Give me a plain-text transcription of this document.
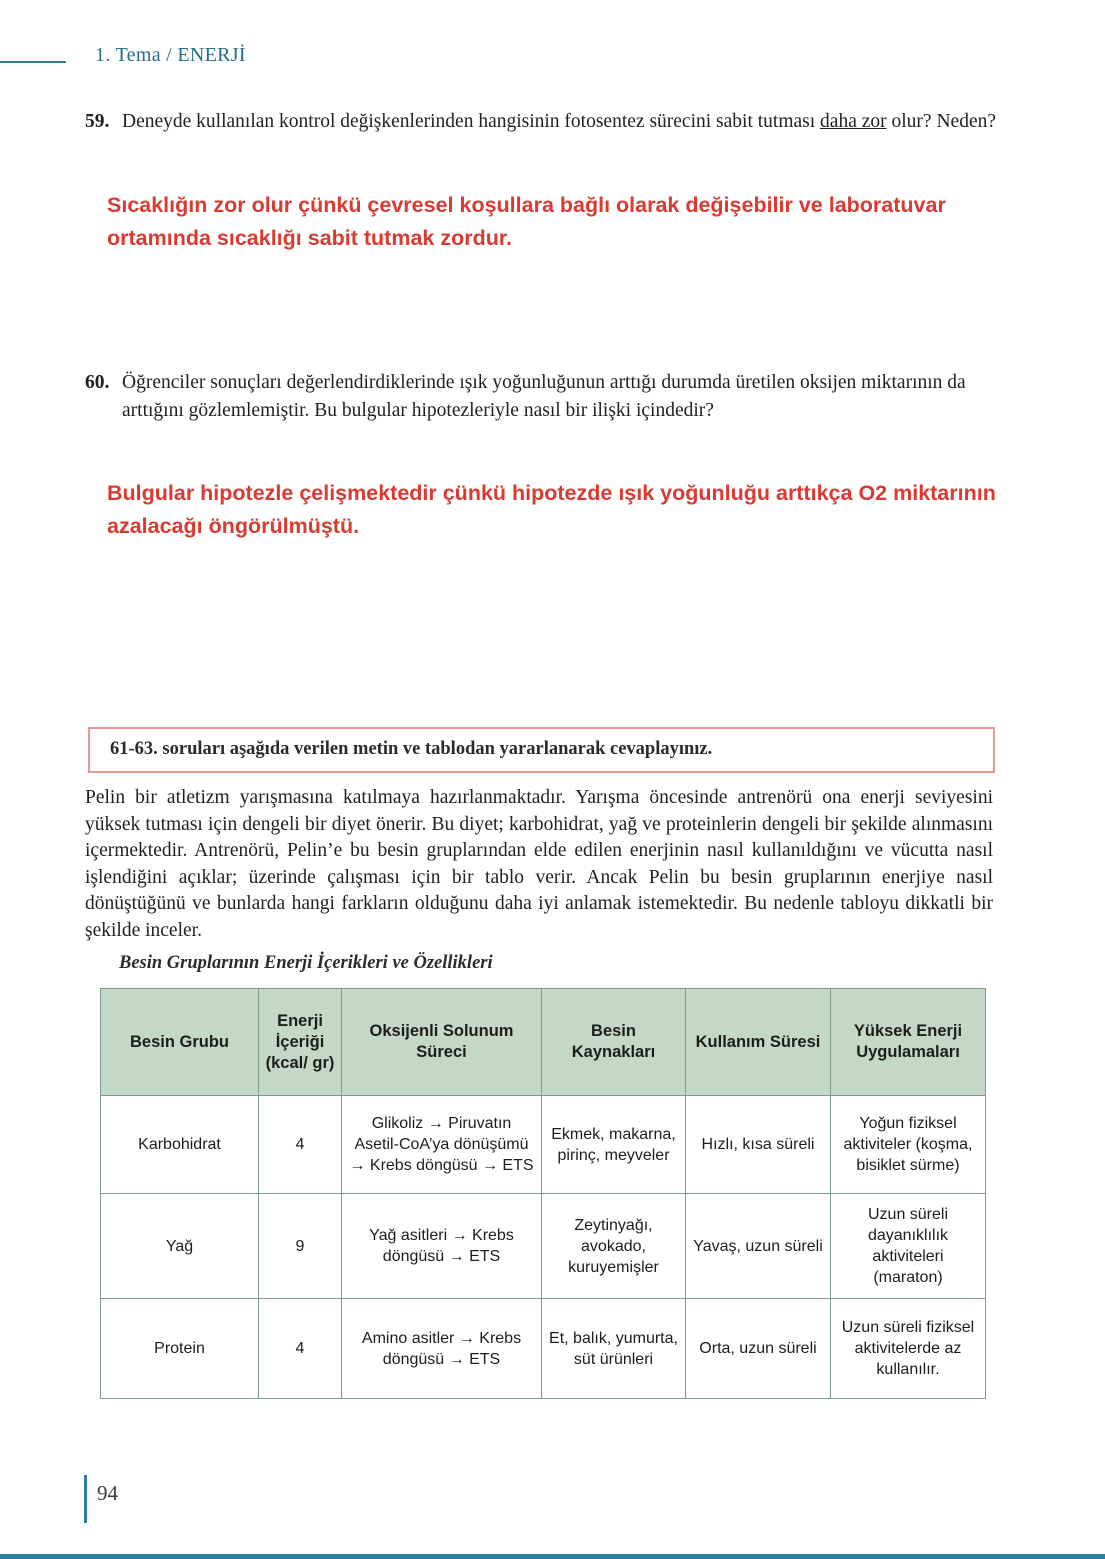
1. Tema / ENERJİ
59. Deneyde kullanılan kontrol değişkenlerinden hangisinin fotosentez sürecini sabit tutması daha zor olur? Neden?
Sıcaklığın zor olur çünkü çevresel koşullara bağlı olarak değişebilir ve laboratuvar ortamında sıcaklığı sabit tutmak zordur.
60. Öğrenciler sonuçları değerlendirdiklerinde ışık yoğunluğunun arttığı durumda üretilen oksijen miktarının da arttığını gözlemlemiştir. Bu bulgular hipotezleriyle nasıl bir ilişki içindedir?
Bulgular hipotezle çelişmektedir çünkü hipotezde ışık yoğunluğu arttıkça O2 miktarının azalacağı öngörülmüştü.
61-63. soruları aşağıda verilen metin ve tablodan yararlanarak cevaplayınız.
Pelin bir atletizm yarışmasına katılmaya hazırlanmaktadır. Yarışma öncesinde antrenörü ona enerji seviyesini yüksek tutması için dengeli bir diyet önerir. Bu diyet; karbohidrat, yağ ve proteinlerin dengeli bir şekilde alınmasını içermektedir. Antrenörü, Pelin’e bu besin gruplarından elde edilen enerjinin nasıl kullanıldığını ve vücutta nasıl işlendiğini açıklar; üzerinde çalışması için bir tablo verir. Ancak Pelin bu besin gruplarının enerjiye nasıl dönüştüğünü ve bunlarda hangi farkların olduğunu daha iyi anlamak istemektedir. Bu nedenle tabloyu dikkatli bir şekilde inceler.
Besin Gruplarının Enerji İçerikleri ve Özellikleri
Besin Grubu	Enerji İçeriği (kcal/ gr)	Oksijenli Solunum Süreci	Besin Kaynakları	Kullanım Süresi	Yüksek Enerji Uygulamaları
Karbohidrat	4	Glikoliz → Piruvatın Asetil-CoA’ya dönüşümü → Krebs döngüsü → ETS	Ekmek, makarna, pirinç, meyveler	Hızlı, kısa süreli	Yoğun fiziksel aktiviteler (koşma, bisiklet sürme)
Yağ	9	Yağ asitleri → Krebs döngüsü → ETS	Zeytinyağı, avokado, kuruyemişler	Yavaş, uzun süreli	Uzun süreli dayanıklılık aktiviteleri (maraton)
Protein	4	Amino asitler → Krebs döngüsü → ETS	Et, balık, yumurta, süt ürünleri	Orta, uzun süreli	Uzun süreli fiziksel aktivitelerde az kullanılır.
94
